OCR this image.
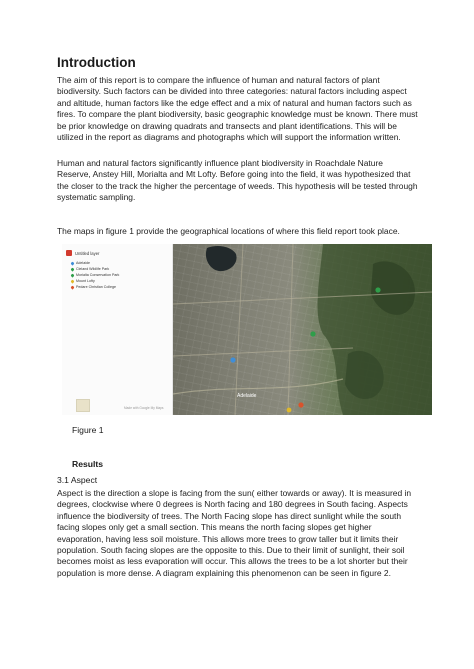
Introduction

The aim of this report is to compare the influence of human and natural factors of plant biodiversity. Such factors can be divided into three categories: natural factors including aspect and altitude, human factors like the edge effect and a mix of natural and human factors such as fires. To compare the plant biodiversity, basic geographic knowledge must be known. There must be prior knowledge on drawing quadrats and transects and plant identifications. This will be utilized in the report as diagrams and photographs which will support the information written.

Human and natural factors significantly influence plant biodiversity in Roachdale Nature Reserve, Anstey Hill, Morialta and Mt Lofty. Before going into the field, it was hypothesized that the closer to the track the higher the percentage of weeds. This hypothesis will be tested through systematic sampling.

The maps in figure 1 provide the geographical locations of where this field report took place.

Untitled layer
Adelaide
Cleland Wildlife Park
Morialta Conservation Park
Mount Lofty
Pedare Christian College
Made with Google My Maps
Adelaide

Figure 1

Results

3.1 Aspect

Aspect is the direction a slope is facing from the sun( either towards or away). It is measured in degrees, clockwise where 0 degrees is North facing and 180 degrees in South facing. Aspects influence the biodiversity of trees. The North Facing slope has direct sunlight while the south facing slopes only get a small section. This means the north facing slopes get higher evaporation, having less soil moisture. This allows more trees to grow taller but it limits their population. South facing slopes are the opposite to this. Due to their limit of sunlight, their soil becomes moist as less evaporation will occur. This allows the trees to be a lot shorter but their population is more dense. A diagram explaining this phenomenon can be seen in figure 2.
